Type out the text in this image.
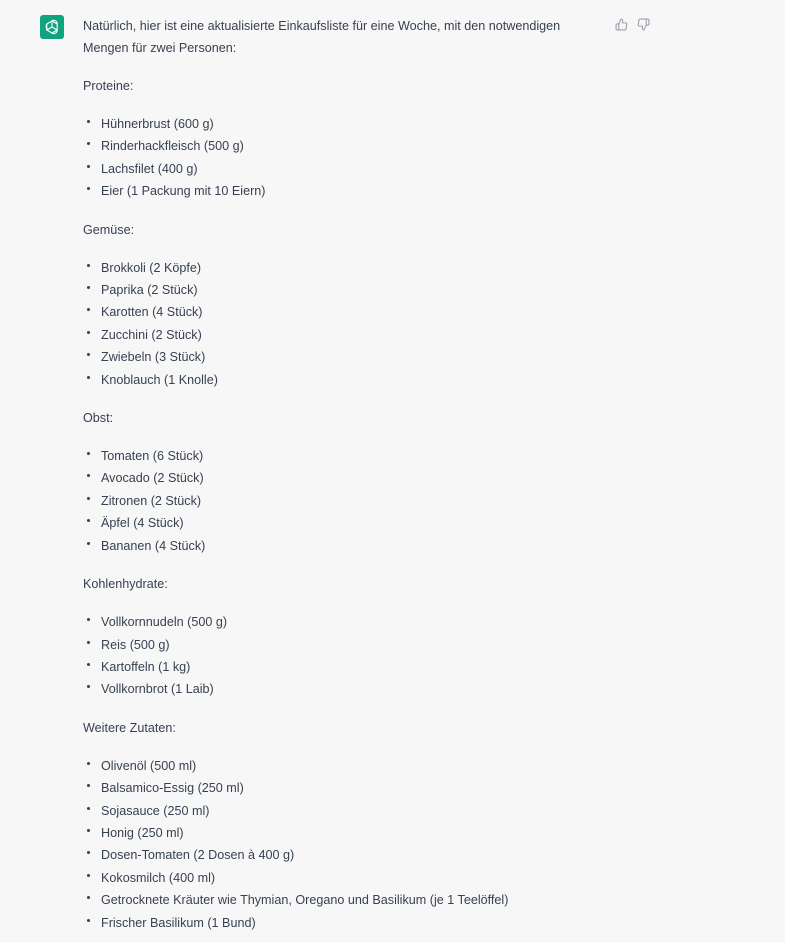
Natürlich, hier ist eine aktualisierte Einkaufsliste für eine Woche, mit den notwendigen Mengen für zwei Personen:

Proteine:

Hühnerbrust (600 g)
Rinderhackfleisch (500 g)
Lachsfilet (400 g)
Eier (1 Packung mit 10 Eiern)

Gemüse:

Brokkoli (2 Köpfe)
Paprika (2 Stück)
Karotten (4 Stück)
Zucchini (2 Stück)
Zwiebeln (3 Stück)
Knoblauch (1 Knolle)

Obst:

Tomaten (6 Stück)
Avocado (2 Stück)
Zitronen (2 Stück)
Äpfel (4 Stück)
Bananen (4 Stück)

Kohlenhydrate:

Vollkornnudeln (500 g)
Reis (500 g)
Kartoffeln (1 kg)
Vollkornbrot (1 Laib)

Weitere Zutaten:

Olivenöl (500 ml)
Balsamico-Essig (250 ml)
Sojasauce (250 ml)
Honig (250 ml)
Dosen-Tomaten (2 Dosen à 400 g)
Kokosmilch (400 ml)
Getrocknete Kräuter wie Thymian, Oregano und Basilikum (je 1 Teelöffel)
Frischer Basilikum (1 Bund)
